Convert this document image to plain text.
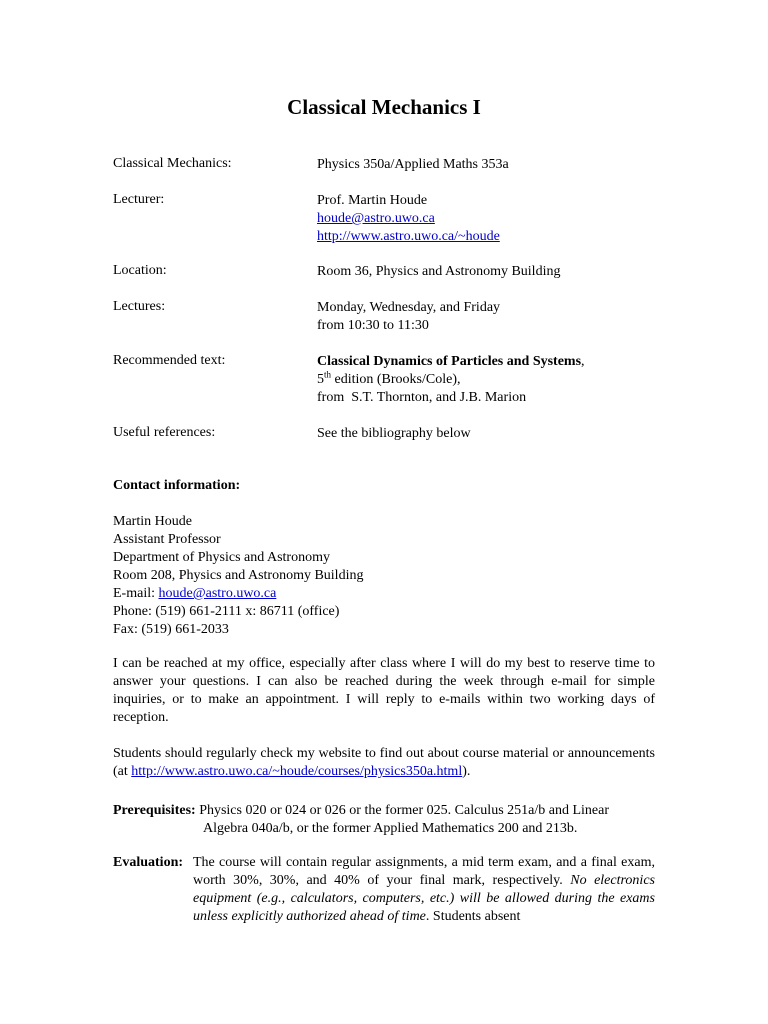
Classical Mechanics I
Classical Mechanics:	Physics 350a/Applied Maths 353a
Lecturer:	Prof. Martin Houde
houde@astro.uwo.ca
http://www.astro.uwo.ca/~houde
Location:	Room 36, Physics and Astronomy Building
Lectures:	Monday, Wednesday, and Friday
from 10:30 to 11:30
Recommended text:	Classical Dynamics of Particles and Systems,
5th edition (Brooks/Cole),
from  S.T. Thornton, and J.B. Marion
Useful references:	See the bibliography below
Contact information:
Martin Houde
Assistant Professor
Department of Physics and Astronomy
Room 208, Physics and Astronomy Building
E-mail: houde@astro.uwo.ca
Phone: (519) 661-2111 x: 86711 (office)
Fax: (519) 661-2033
I can be reached at my office, especially after class where I will do my best to reserve time to answer your questions. I can also be reached during the week through e-mail for simple inquiries, or to make an appointment. I will reply to e-mails within two working days of reception.
Students should regularly check my website to find out about course material or announcements (at http://www.astro.uwo.ca/~houde/courses/physics350a.html).
Prerequisites: Physics 020 or 024 or 026 or the former 025. Calculus 251a/b and Linear
Algebra 040a/b, or the former Applied Mathematics 200 and 213b.
Evaluation: The course will contain regular assignments, a mid term exam, and a final exam, worth 30%, 30%, and 40% of your final mark, respectively. No electronics equipment (e.g., calculators, computers, etc.) will be allowed during the exams unless explicitly authorized ahead of time. Students absent
